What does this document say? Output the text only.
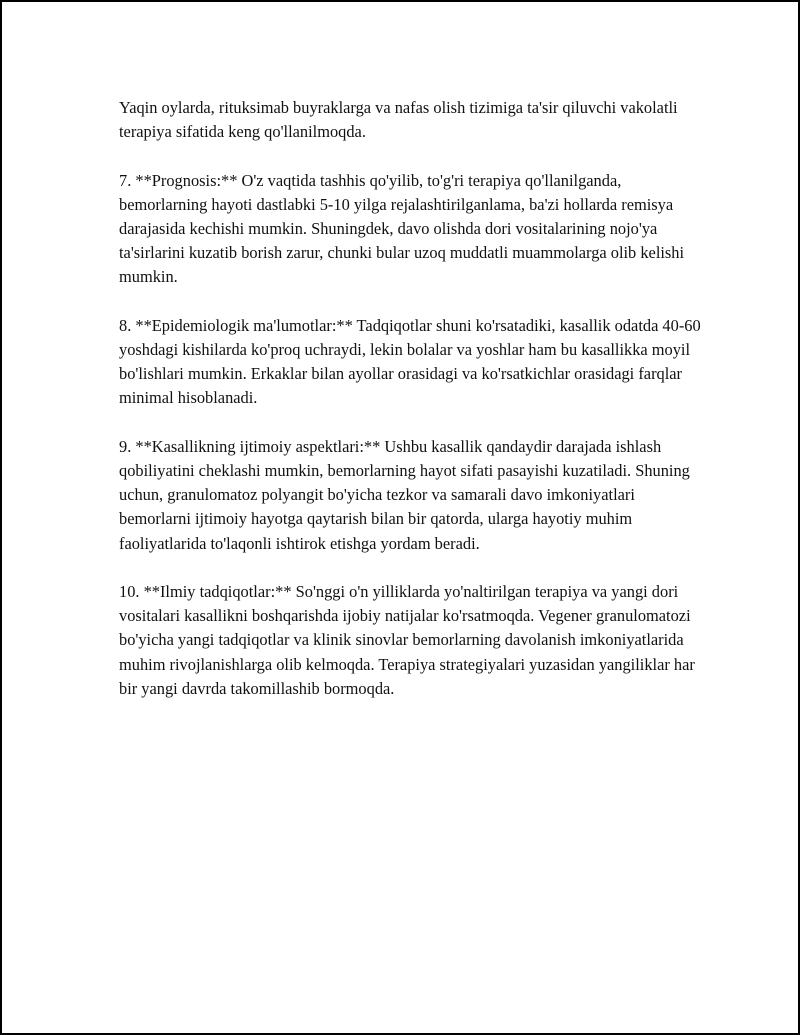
Yaqin oylarda, rituksimab buyraklarga va nafas olish tizimiga ta'sir qiluvchi vakolatli terapiya sifatida keng qo'llanilmoqda.

7. **Prognosis:** O'z vaqtida tashhis qo'yilib, to'g'ri terapiya qo'llanilganda, bemorlarning hayoti dastlabki 5-10 yilga rejalashtirilganlama, ba'zi hollarda remisya darajasida kechishi mumkin. Shuningdek, davo olishda dori vositalarining nojo'ya ta'sirlarini kuzatib borish zarur, chunki bular uzoq muddatli muammolarga olib kelishi mumkin.

8. **Epidemiologik ma'lumotlar:** Tadqiqotlar shuni ko'rsatadiki, kasallik odatda 40-60 yoshdagi kishilarda ko'proq uchraydi, lekin bolalar va yoshlar ham bu kasallikka moyil bo'lishlari mumkin. Erkaklar bilan ayollar orasidagi va ko'rsatkichlar orasidagi farqlar minimal hisoblanadi.

9. **Kasallikning ijtimoiy aspektlari:** Ushbu kasallik qandaydir darajada ishlash qobiliyatini cheklashi mumkin, bemorlarning hayot sifati pasayishi kuzatiladi. Shuning uchun, granulomatoz polyangit bo'yicha tezkor va samarali davo imkoniyatlari bemorlarni ijtimoiy hayotga qaytarish bilan bir qatorda, ularga hayotiy muhim faoliyatlarida to'laqonli ishtirok etishga yordam beradi.

10. **Ilmiy tadqiqotlar:** So'nggi o'n yilliklarda yo'naltirilgan terapiya va yangi dori vositalari kasallikni boshqarishda ijobiy natijalar ko'rsatmoqda. Vegener granulomatozi bo'yicha yangi tadqiqotlar va klinik sinovlar bemorlarning davolanish imkoniyatlarida muhim rivojlanishlarga olib kelmoqda. Terapiya strategiyalari yuzasidan yangiliklar har bir yangi davrda takomillashib bormoqda.
